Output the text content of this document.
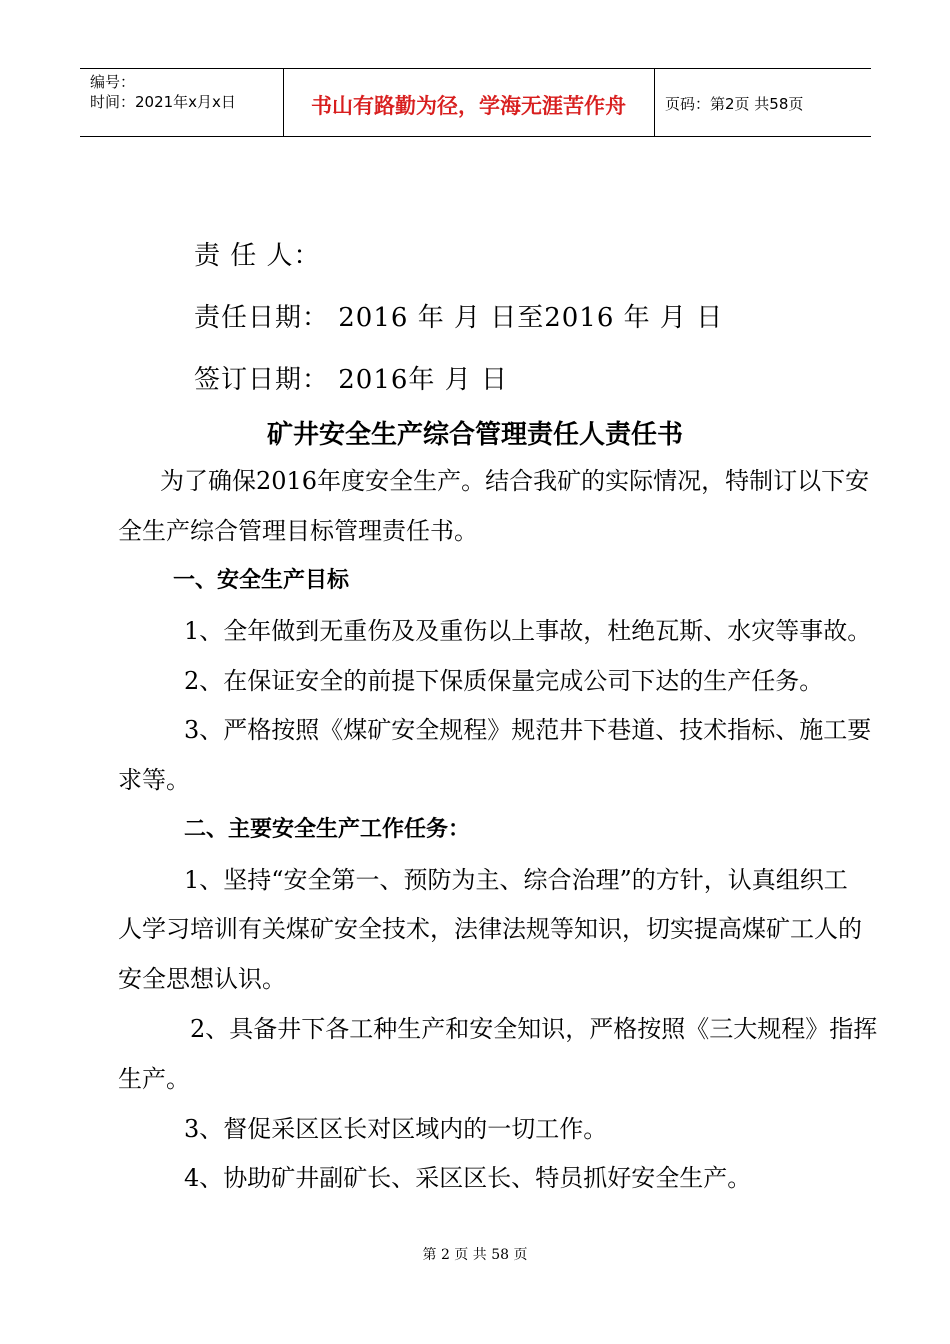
编号：
时间：2021年x月x日	书山有路勤为径，学海无涯苦作舟	页码：第2页 共58页
责 任 人：
责任日期： 2016 年 月 日至2016 年 月 日
签订日期： 2016年 月 日
矿井安全生产综合管理责任人责任书
为了确保2016年度安全生产。结合我矿的实际情况，特制订以下安
全生产综合管理目标管理责任书。
一、安全生产目标
1、全年做到无重伤及及重伤以上事故，杜绝瓦斯、水灾等事故。
2、在保证安全的前提下保质保量完成公司下达的生产任务。
3、严格按照《煤矿安全规程》规范井下巷道、技术指标、施工要
求等。
二、主要安全生产工作任务：
1、坚持“安全第一、预防为主、综合治理”的方针，认真组织工
人学习培训有关煤矿安全技术，法律法规等知识，切实提高煤矿工人的
安全思想认识。
2、具备井下各工种生产和安全知识，严格按照《三大规程》指挥
生产。
3、督促采区区长对区域内的一切工作。
4、协助矿井副矿长、采区区长、特员抓好安全生产。
第 2 页 共 58 页
